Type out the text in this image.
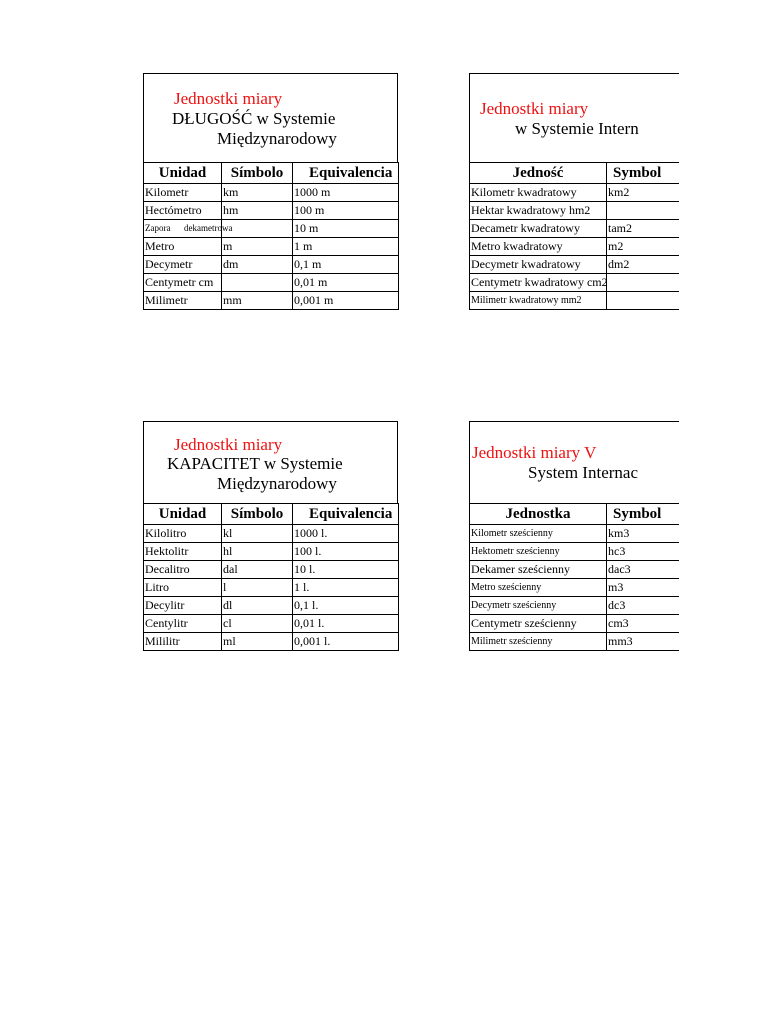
Jednostki miary
DŁUGOŚĆ w Systemie
Międzynarodowy
Unidad	Símbolo	Equivalencia
Kilometr	km	1000 m
Hectómetro	hm	100 m
Zapora      dekametrowa		10 m
Metro	m	1 m
Decymetr	dm	0,1 m
Centymetr cm		0,01 m
Milimetr	mm	0,001 m
Jednostki miary
w Systemie Intern
Jedność	Symbol
Kilometr kwadratowy	km2
Hektar kwadratowy hm2	
Decametr kwadratowy	tam2
Metro kwadratowy	m2
Decymetr kwadratowy	dm2
Centymetr kwadratowy cm2	
Milimetr kwadratowy mm2	
Jednostki miary
KAPACITET w Systemie
Międzynarodowy
Unidad	Símbolo	Equivalencia
Kilolitro	kl	1000 l.
Hektolitr	hl	100 l.
Decalitro	dal	10 l.
Litro	l	1 l.
Decylitr	dl	0,1 l.
Centylitr	cl	0,01 l.
Mililitr	ml	0,001 l.
Jednostki miary V
System Internac
Jednostka	Symbol
Kilometr sześcienny	km3
Hektometr sześcienny	hc3
Dekamer sześcienny	dac3
Metro sześcienny	m3
Decymetr sześcienny	dc3
Centymetr sześcienny	cm3
Milimetr sześcienny	mm3
